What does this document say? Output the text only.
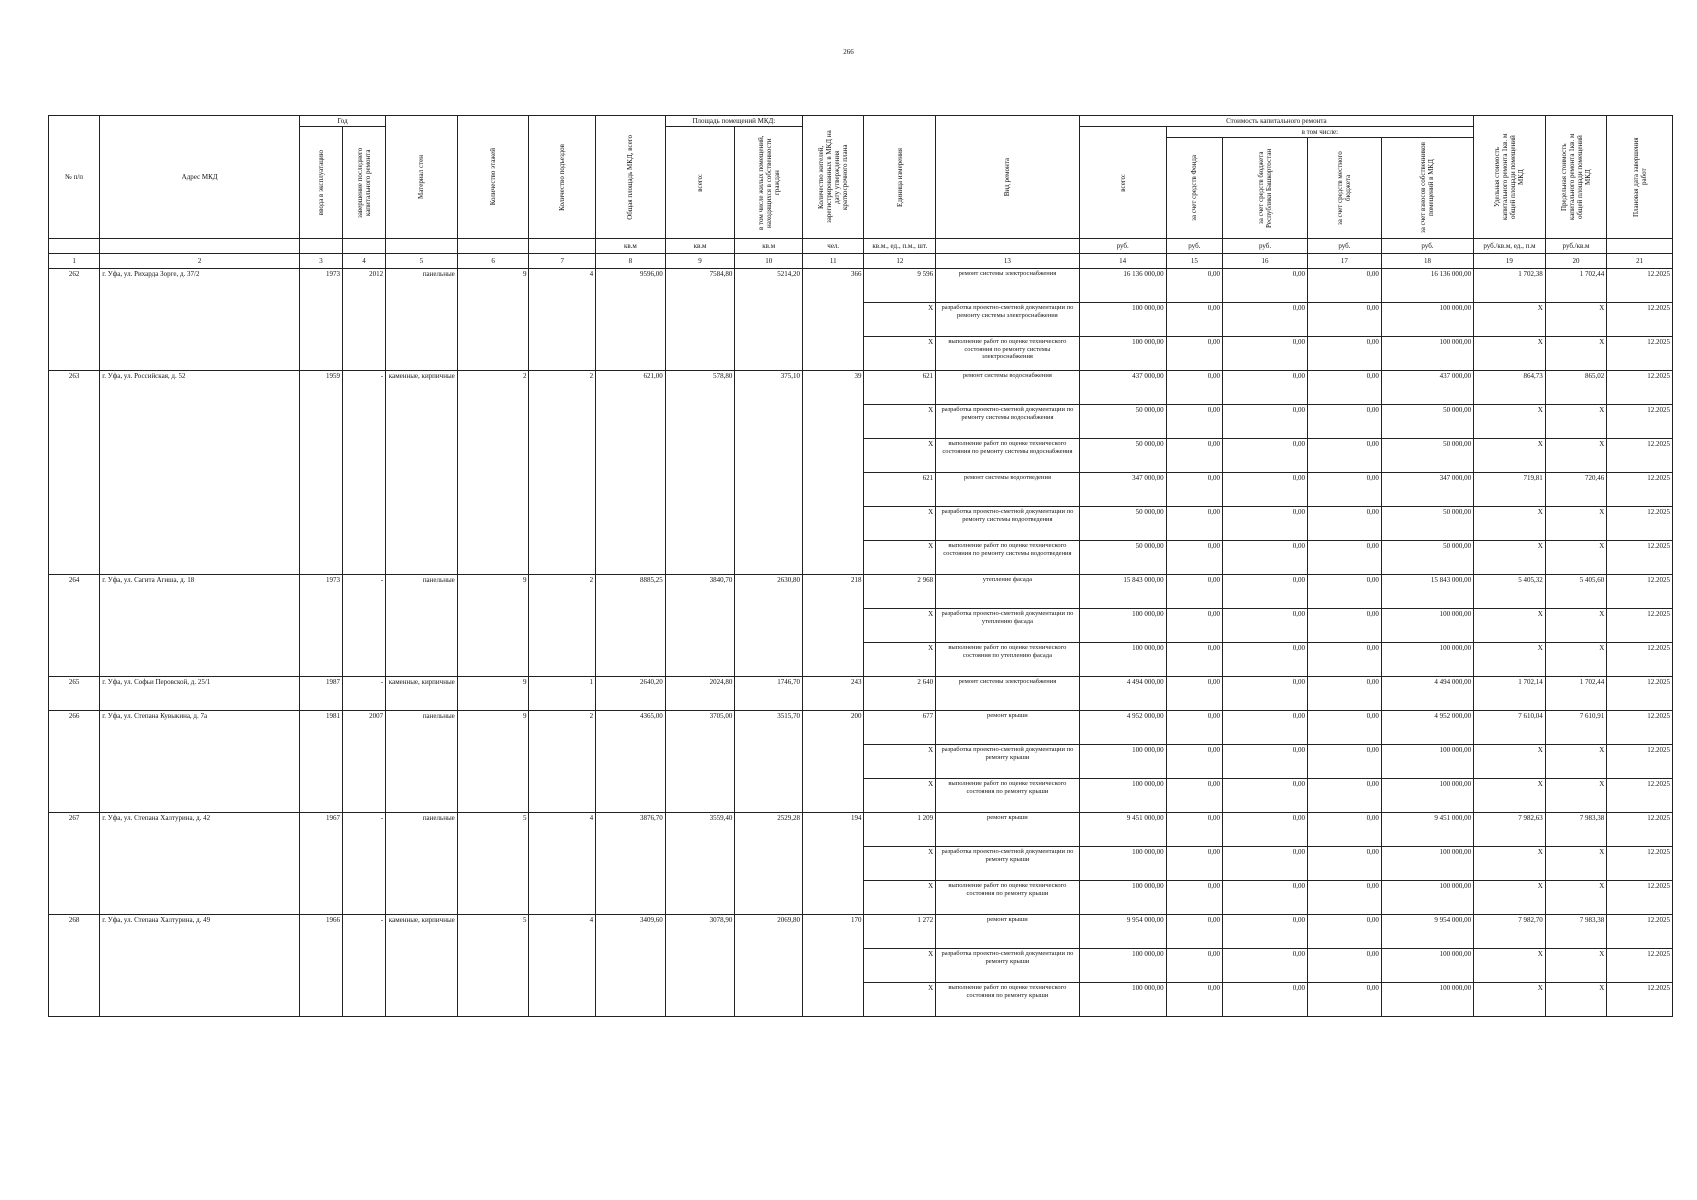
266
№ п/п	Адрес МКД	Год		Материал стен	Количество этажей	Количество подъездов	Общая площадь МКД, всего	Площадь помещений МКД:		Количество жителей, зарегистрированных в МКД на дату утверждения краткосрочного плана	Единица измерения	Вид ремонта	Стоимость капитального ремонта					Удельная стоимость капитального ремонта 1кв. м общей площади помещений МКД	Предельная стоимость капитального ремонта 1кв. м общей площади помещений МКД	Плановая дата завершения работ

		ввода в эксплуатацию	завершение последнего капитального ремонта					всего:	в том числе жилых помещений, находящихся в собственности граждан				всего:	в том числе:						

														за счет средств Фонда	за счет средств бюджета Республики Башкортостан	за счет средств местного бюджета	за счет взносов собственников помещений в МКД			

							кв.м	кв.м	кв.м	чел.	кв.м., ед., п.м., шт.		руб.	руб.	руб.	руб.	руб.	руб./кв.м, ед., п.м	руб./кв.м	
1	2	3	4	5	6	7	8	9	10	11	12	13	14	15	16	17	18	19	20	21
262	г. Уфа, ул. Рихарда Зорге, д. 37/2	1973	2012	панельные	9	4	9596,00	7584,80	5214,20	366	9 596	ремонт системы электроснабжения	16 136 000,00	0,00	0,00	0,00	16 136 000,00	1 702,38	1 702,44	12.2025
											X	разработка проектно-сметной документации по ремонту системы электроснабжения	100 000,00	0,00	0,00	0,00	100 000,00	X	X	12.2025
											X	выполнение работ по оценке технического состояния по ремонту системы электроснабжения	100 000,00	0,00	0,00	0,00	100 000,00	X	X	12.2025
263	г. Уфа, ул. Российская, д. 52	1959	-	каменные, кирпичные	2	2	621,00	578,80	375,10	39	621	ремонт системы водоснабжения	437 000,00	0,00	0,00	0,00	437 000,00	864,73	865,02	12.2025
											X	разработка проектно-сметной документации по ремонту системы водоснабжения	50 000,00	0,00	0,00	0,00	50 000,00	X	X	12.2025
											X	выполнение работ по оценке технического состояния по ремонту системы водоснабжения	50 000,00	0,00	0,00	0,00	50 000,00	X	X	12.2025
											621	ремонт системы водоотведения	347 000,00	0,00	0,00	0,00	347 000,00	719,81	720,46	12.2025
											X	разработка проектно-сметной документации по ремонту системы водоотведения	50 000,00	0,00	0,00	0,00	50 000,00	X	X	12.2025
											X	выполнение работ по оценке технического состояния по ремонту системы водоотведения	50 000,00	0,00	0,00	0,00	50 000,00	X	X	12.2025
264	г. Уфа, ул. Сагита Агиша, д. 18	1973	-	панельные	9	2	8885,25	3840,70	2630,80	218	2 968	утепление фасада	15 843 000,00	0,00	0,00	0,00	15 843 000,00	5 405,32	5 405,60	12.2025
											X	разработка проектно-сметной документации по утеплению фасада	100 000,00	0,00	0,00	0,00	100 000,00	X	X	12.2025
											X	выполнение работ по оценке технического состояния по утеплению фасада	100 000,00	0,00	0,00	0,00	100 000,00	X	X	12.2025
265	г. Уфа, ул. Софьи Перовской, д. 25/1	1987	-	каменные, кирпичные	9	1	2640,20	2024,80	1746,70	243	2 640	ремонт системы электроснабжения	4 494 000,00	0,00	0,00	0,00	4 494 000,00	1 702,14	1 702,44	12.2025
266	г. Уфа, ул. Степана Кувыкина, д. 7а	1981	2007	панельные	9	2	4365,00	3705,00	3515,70	200	677	ремонт крыши	4 952 000,00	0,00	0,00	0,00	4 952 000,00	7 610,04	7 610,91	12.2025
											X	разработка проектно-сметной документации по ремонту крыши	100 000,00	0,00	0,00	0,00	100 000,00	X	X	12.2025
											X	выполнение работ по оценке технического состояния по ремонту крыши	100 000,00	0,00	0,00	0,00	100 000,00	X	X	12.2025
267	г. Уфа, ул. Степана Халтурина, д. 42	1967	-	панельные	5	4	3876,70	3559,40	2529,28	194	1 209	ремонт крыши	9 451 000,00	0,00	0,00	0,00	9 451 000,00	7 982,63	7 983,38	12.2025
											X	разработка проектно-сметной документации по ремонту крыши	100 000,00	0,00	0,00	0,00	100 000,00	X	X	12.2025
											X	выполнение работ по оценке технического состояния по ремонту крыши	100 000,00	0,00	0,00	0,00	100 000,00	X	X	12.2025
268	г. Уфа, ул. Степана Халтурина, д. 49	1966	-	каменные, кирпичные	5	4	3409,60	3078,90	2069,80	170	1 272	ремонт крыши	9 954 000,00	0,00	0,00	0,00	9 954 000,00	7 982,70	7 983,38	12.2025
											X	разработка проектно-сметной документации по ремонту крыши	100 000,00	0,00	0,00	0,00	100 000,00	X	X	12.2025
											X	выполнение работ по оценке технического состояния по ремонту крыши	100 000,00	0,00	0,00	0,00	100 000,00	X	X	12.2025
